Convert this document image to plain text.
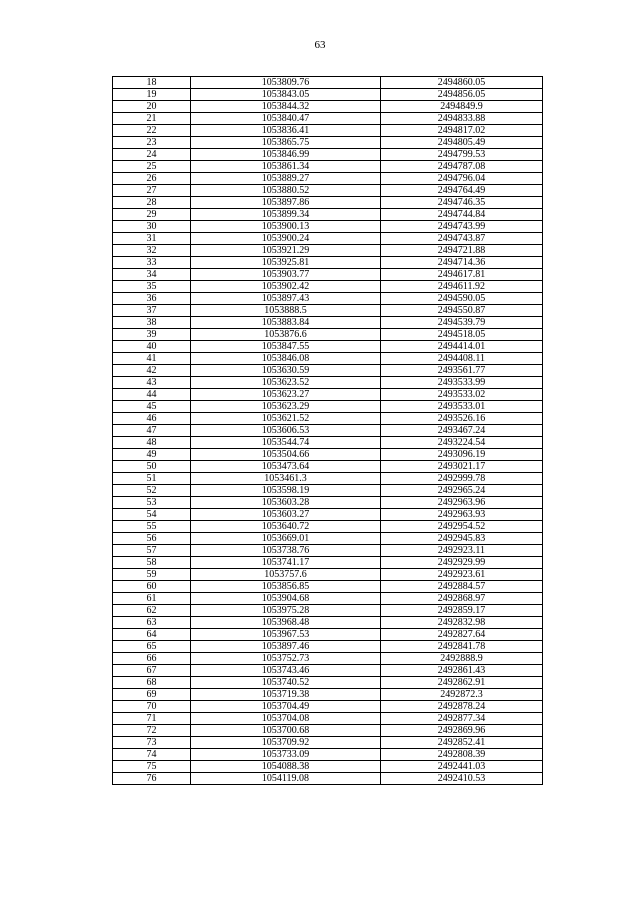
63
18	1053809.76	2494860.05
19	1053843.05	2494856.05
20	1053844.32	2494849.9
21	1053840.47	2494833.88
22	1053836.41	2494817.02
23	1053865.75	2494805.49
24	1053846.99	2494799.53
25	1053861.34	2494787.08
26	1053889.27	2494796.04
27	1053880.52	2494764.49
28	1053897.86	2494746.35
29	1053899.34	2494744.84
30	1053900.13	2494743.99
31	1053900.24	2494743.87
32	1053921.29	2494721.88
33	1053925.81	2494714.36
34	1053903.77	2494617.81
35	1053902.42	2494611.92
36	1053897.43	2494590.05
37	1053888.5	2494550.87
38	1053883.84	2494539.79
39	1053876.6	2494518.05
40	1053847.55	2494414.01
41	1053846.08	2494408.11
42	1053630.59	2493561.77
43	1053623.52	2493533.99
44	1053623.27	2493533.02
45	1053623.29	2493533.01
46	1053621.52	2493526.16
47	1053606.53	2493467.24
48	1053544.74	2493224.54
49	1053504.66	2493096.19
50	1053473.64	2493021.17
51	1053461.3	2492999.78
52	1053598.19	2492965.24
53	1053603.28	2492963.96
54	1053603.27	2492963.93
55	1053640.72	2492954.52
56	1053669.01	2492945.83
57	1053738.76	2492923.11
58	1053741.17	2492929.99
59	1053757.6	2492923.61
60	1053856.85	2492884.57
61	1053904.68	2492868.97
62	1053975.28	2492859.17
63	1053968.48	2492832.98
64	1053967.53	2492827.64
65	1053897.46	2492841.78
66	1053752.73	2492888.9
67	1053743.46	2492861.43
68	1053740.52	2492862.91
69	1053719.38	2492872.3
70	1053704.49	2492878.24
71	1053704.08	2492877.34
72	1053700.68	2492869.96
73	1053709.92	2492852.41
74	1053733.09	2492808.39
75	1054088.38	2492441.03
76	1054119.08	2492410.53
